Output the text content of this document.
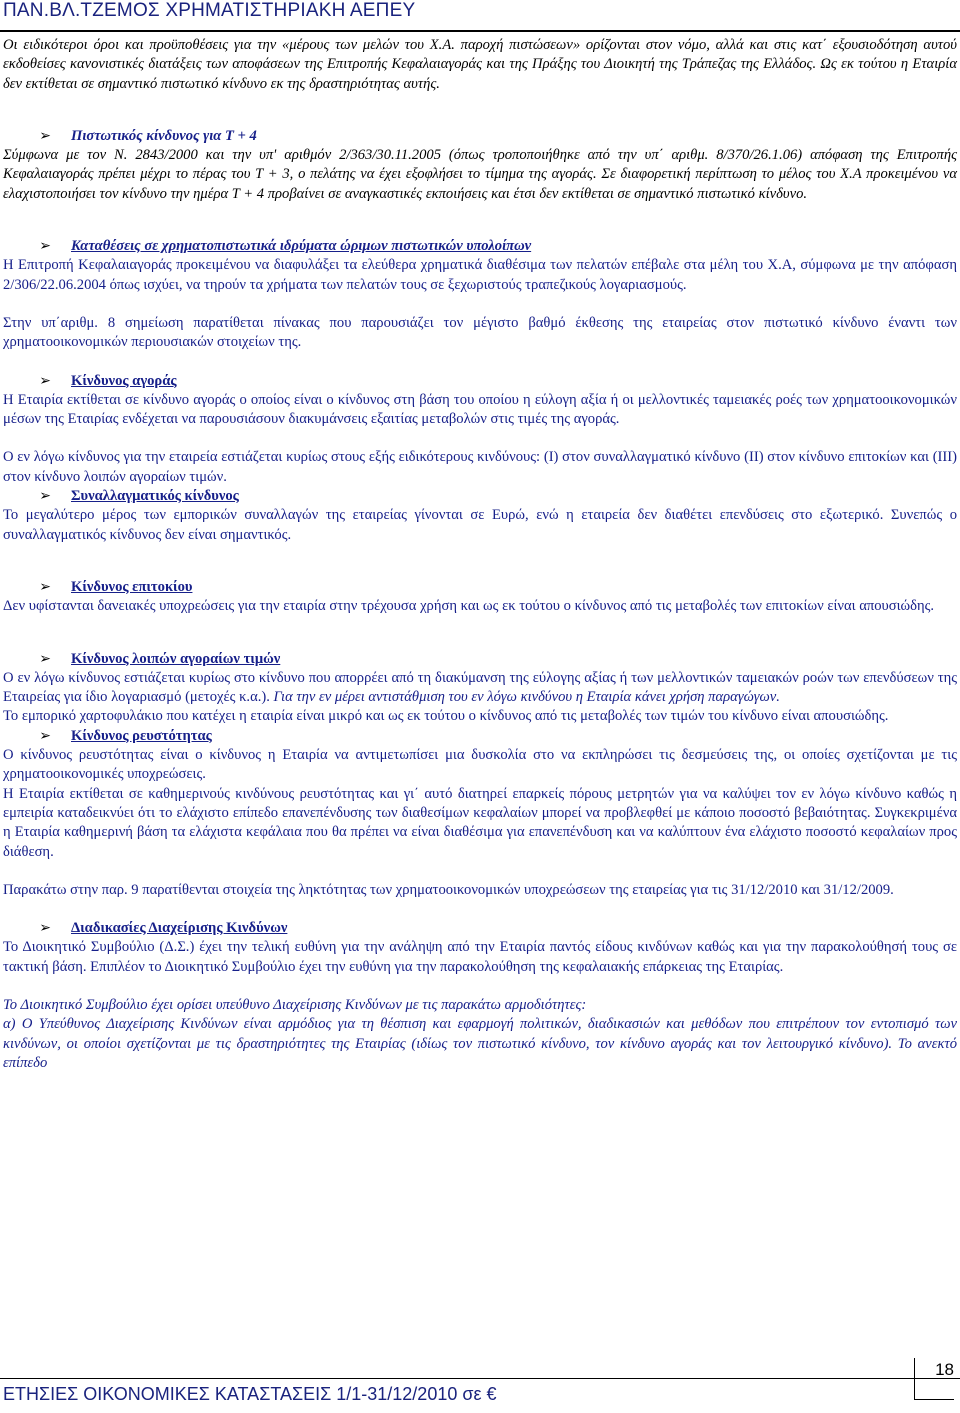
ΠΑΝ.ΒΛ.ΤΖΕΜΟΣ ΧΡΗΜΑΤΙΣΤΗΡΙΑΚΗ ΑΕΠΕΥ

Οι ειδικότεροι όροι και προϋποθέσεις για την «μέρους των μελών του Χ.Α. παροχή πιστώσεων» ορίζονται στον νόμο, αλλά και στις κατ΄ εξουσιοδότηση αυτού εκδοθείσες κανονιστικές διατάξεις των αποφάσεων της Επιτροπής Κεφαλαιαγοράς και της Πράξης του Διοικητή της Τράπεζας της Ελλάδος. Ως εκ τούτου η Εταιρία δεν εκτίθεται σε σημαντικό πιστωτικό κίνδυνο εκ της δραστηριότητας αυτής.

➢ Πιστωτικός κίνδυνος για Τ + 4

Σύμφωνα με τον Ν. 2843/2000 και την υπ' αριθμόν 2/363/30.11.2005 (όπως τροποποιήθηκε από την υπ΄ αριθμ. 8/370/26.1.06) απόφαση της Επιτροπής Κεφαλαιαγοράς πρέπει μέχρι το πέρας του Τ + 3, ο πελάτης να έχει εξοφλήσει το τίμημα της αγοράς. Σε διαφορετική περίπτωση το μέλος του Χ.Α προκειμένου να ελαχιστοποιήσει τον κίνδυνο την ημέρα Τ + 4 προβαίνει σε αναγκαστικές εκποιήσεις και έτσι δεν εκτίθεται σε σημαντικό πιστωτικό κίνδυνο.

➢ Καταθέσεις σε χρηματοπιστωτικά ιδρύματα ώριμων πιστωτικών υπολοίπων

Η Επιτροπή Κεφαλαιαγοράς προκειμένου να διαφυλάξει τα ελεύθερα χρηματικά διαθέσιμα των πελατών επέβαλε στα μέλη του Χ.Α, σύμφωνα με την απόφαση 2/306/22.06.2004 όπως ισχύει, να τηρούν τα χρήματα των πελατών τους σε ξεχωριστούς τραπεζικούς λογαριασμούς.

Στην υπ΄αριθμ. 8 σημείωση παρατίθεται πίνακας που παρουσιάζει τον μέγιστο βαθμό έκθεσης της εταιρείας στον πιστωτικό κίνδυνο έναντι των χρηματοοικονομικών περιουσιακών στοιχείων της.

➢ Κίνδυνος αγοράς

Η Εταιρία εκτίθεται σε κίνδυνο αγοράς ο οποίος είναι ο κίνδυνος στη βάση του οποίου η εύλογη αξία ή οι μελλοντικές ταμειακές ροές των χρηματοοικονομικών μέσων της Εταιρίας ενδέχεται να παρουσιάσουν διακυμάνσεις εξαιτίας μεταβολών στις τιμές της αγοράς.

Ο εν λόγω κίνδυνος για την εταιρεία εστιάζεται κυρίως στους εξής ειδικότερους κινδύνους: (Ι) στον συναλλαγματικό κίνδυνο (ΙΙ) στον κίνδυνο επιτοκίων και (ΙΙΙ) στον κίνδυνο λοιπών αγοραίων τιμών.

➢ Συναλλαγματικός κίνδυνος

Το μεγαλύτερο μέρος των εμπορικών συναλλαγών της εταιρείας γίνονται σε Ευρώ, ενώ η εταιρεία δεν διαθέτει επενδύσεις στο εξωτερικό. Συνεπώς ο συναλλαγματικός κίνδυνος δεν είναι σημαντικός.

➢ Κίνδυνος επιτοκίου

Δεν υφίστανται δανειακές υποχρεώσεις για την εταιρία στην τρέχουσα χρήση και ως εκ τούτου ο κίνδυνος από τις μεταβολές των επιτοκίων είναι απουσιώδης.

➢ Κίνδυνος λοιπών αγοραίων τιμών

Ο εν λόγω κίνδυνος εστιάζεται κυρίως στο κίνδυνο που απορρέει από τη διακύμανση της εύλογης αξίας ή των μελλοντικών ταμειακών ροών των επενδύσεων της Εταιρείας για ίδιο λογαριασμό (μετοχές κ.α.). Για την εν μέρει αντιστάθμιση του εν λόγω κινδύνου η Εταιρία κάνει χρήση παραγώγων.

Το εμπορικό χαρτοφυλάκιο που κατέχει η εταιρία είναι μικρό και ως εκ τούτου ο κίνδυνος από τις μεταβολές των τιμών του κίνδυνο είναι απουσιώδης.

➢ Κίνδυνος ρευστότητας

Ο κίνδυνος ρευστότητας είναι ο κίνδυνος η Εταιρία να αντιμετωπίσει μια δυσκολία στο να εκπληρώσει τις δεσμεύσεις της, οι οποίες σχετίζονται με τις χρηματοοικονομικές υποχρεώσεις.

Η Εταιρία εκτίθεται σε καθημερινούς κινδύνους ρευστότητας και γι΄ αυτό διατηρεί επαρκείς πόρους μετρητών για να καλύψει τον εν λόγω κίνδυνο καθώς η εμπειρία καταδεικνύει ότι το ελάχιστο επίπεδο επανεπένδυσης των διαθεσίμων κεφαλαίων μπορεί να προβλεφθεί με κάποιο ποσοστό βεβαιότητας. Συγκεκριμένα η Εταιρία καθημερινή βάση τα ελάχιστα κεφάλαια που θα πρέπει να είναι διαθέσιμα για επανεπένδυση και να καλύπτουν ένα ελάχιστο ποσοστό κεφαλαίων προς διάθεση.

Παρακάτω στην παρ. 9 παρατίθενται στοιχεία της ληκτότητας των χρηματοοικονομικών υποχρεώσεων της εταιρείας για τις 31/12/2010 και 31/12/2009.

➢ Διαδικασίες Διαχείρισης Κινδύνων

Το Διοικητικό Συμβούλιο (Δ.Σ.) έχει την τελική ευθύνη για την ανάληψη από την Εταιρία παντός είδους κινδύνων καθώς και για την παρακολούθησή τους σε τακτική βάση. Επιπλέον το Διοικητικό Συμβούλιο έχει την ευθύνη για την παρακολούθηση της κεφαλαιακής επάρκειας της Εταιρίας.

Το Διοικητικό Συμβούλιο έχει ορίσει υπεύθυνο Διαχείρισης Κινδύνων με τις παρακάτω αρμοδιότητες:

α) Ο Υπεύθυνος Διαχείρισης Κινδύνων είναι αρμόδιος για τη θέσπιση και εφαρμογή πολιτικών, διαδικασιών και μεθόδων που επιτρέπουν τον εντοπισμό των κινδύνων, οι οποίοι σχετίζονται με τις δραστηριότητες της Εταιρίας (ιδίως τον πιστωτικό κίνδυνο, τον κίνδυνο αγοράς και τον λειτουργικό κίνδυνο). Το ανεκτό επίπεδο

ΕΤΗΣΙΕΣ ΟΙΚΟΝΟΜΙΚΕΣ ΚΑΤΑΣΤΑΣΕΙΣ 1/1-31/12/2010 σε €
18
